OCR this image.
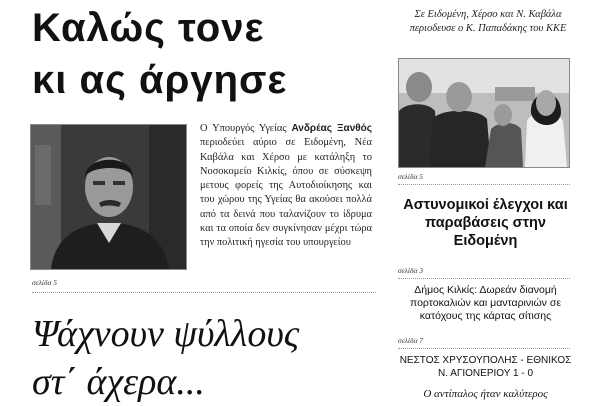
Καλώς τονε
κι ας άργησε
Ο Υπουργός Υγείας Ανδρέας Ξανθός περιοδεύει αύριο σε Ειδομένη, Νέα Καβάλα και Χέρσο με κατάληξη το Νοσοκομείο Κιλκίς, όπου σε σύσκεψη μετους φορείς της Αυτοδιοίκησης και του χώρου της Υγείας θα ακούσει πολλά από τα δεινά που ταλανίζουν το ίδρυμα και τα οποία δεν συγκίνησαν μέχρι τώρα την πολιτική ηγεσία του υπουργείου
σελίδα 5
Ψάχνουν ψύλλους
στ΄ άχερα...
Σε Ειδομένη, Χέρσο και Ν. Καβάλα
περιοδευσε ο Κ. Παπαδάκης του ΚΚΕ
σελίδα 5
Αστυνομικοί έλεγχοι και παραβάσεις στην Ειδομένη
σελίδα 3
Δήμος Κιλκίς: Δωρεάν διανομή πορτοκαλιών και μανταρινιών σε κατόχους της κάρτας σίτισης
σελίδα 7
ΝΕΣΤΟΣ ΧΡΥΣΟΥΠΟΛΗΣ - ΕΘΝΙΚΟΣ Ν. ΑΓΙΟΝΕΡΙΟΥ 1 - 0
Ο αντίπαλος ήταν καλύτερος
